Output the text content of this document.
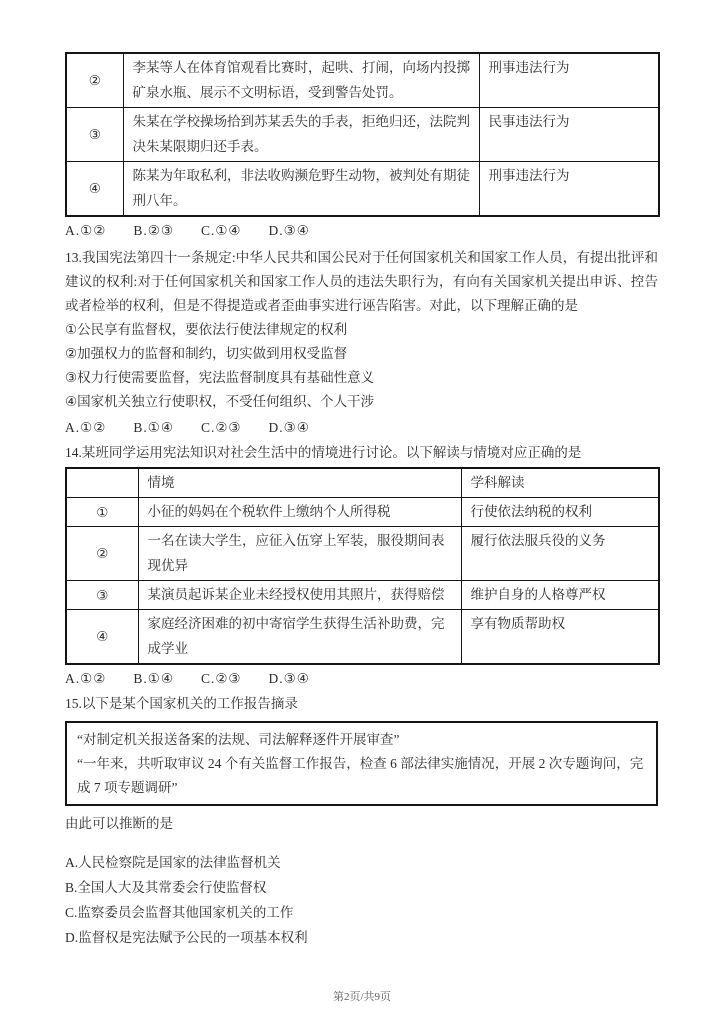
②	李某等人在体育馆观看比赛时，起哄、打闹，向场内投掷矿泉水瓶、展示不文明标语，受到警告处罚。	刑事违法行为
③	朱某在学校操场拾到苏某丢失的手表，拒绝归还，法院判决朱某限期归还手表。	民事违法行为
④	陈某为年取私利，非法收购濒危野生动物，被判处有期徒刑八年。	刑事违法行为
A.①② B.②③ C.①④ D.③④

13.我国宪法第四十一条规定:中华人民共和国公民对于任何国家机关和国家工作人员，有提出批评和建议的权利:对于任何国家机关和国家工作人员的违法失职行为，有向有关国家机关提出申诉、控告或者检举的权利，但是不得提造或者歪曲事实进行诬告陷害。对此，以下理解正确的是

①公民享有监督权，要依法行使法律规定的权利
②加强权力的监督和制约，切实做到用权受监督
③权力行使需要监督，宪法监督制度具有基础性意义
④国家机关独立行使职权，不受任何组织、个人干涉
A.①② B.①④ C.②③ D.③④

14.某班同学运用宪法知识对社会生活中的情境进行讨论。以下解读与情境对应正确的是

	情境	学科解读
①	小征的妈妈在个税软件上缴纳个人所得税	行使依法纳税的权利
②	一名在读大学生，应征入伍穿上军装，服役期间表现优异	履行依法服兵役的义务
③	某演员起诉某企业未经授权使用其照片，获得赔偿	维护自身的人格尊严权
④	家庭经济困难的初中寄宿学生获得生活补助费，完成学业	享有物质帮助权
A.①② B.①④ C.②③ D.③④

15.以下是某个国家机关的工作报告摘录

“对制定机关报送备案的法规、司法解释逐件开展审查”

“一年来，共听取审议 24 个有关监督工作报告，检查 6 部法律实施情况，开展 2 次专题询问，完成 7 项专题调研”

由此可以推断的是

A.人民检察院是国家的法律监督机关
B.全国人大及其常委会行使监督权
C.监察委员会监督其他国家机关的工作
D.监督权是宪法赋予公民的一项基本权利
第2页/共9页
